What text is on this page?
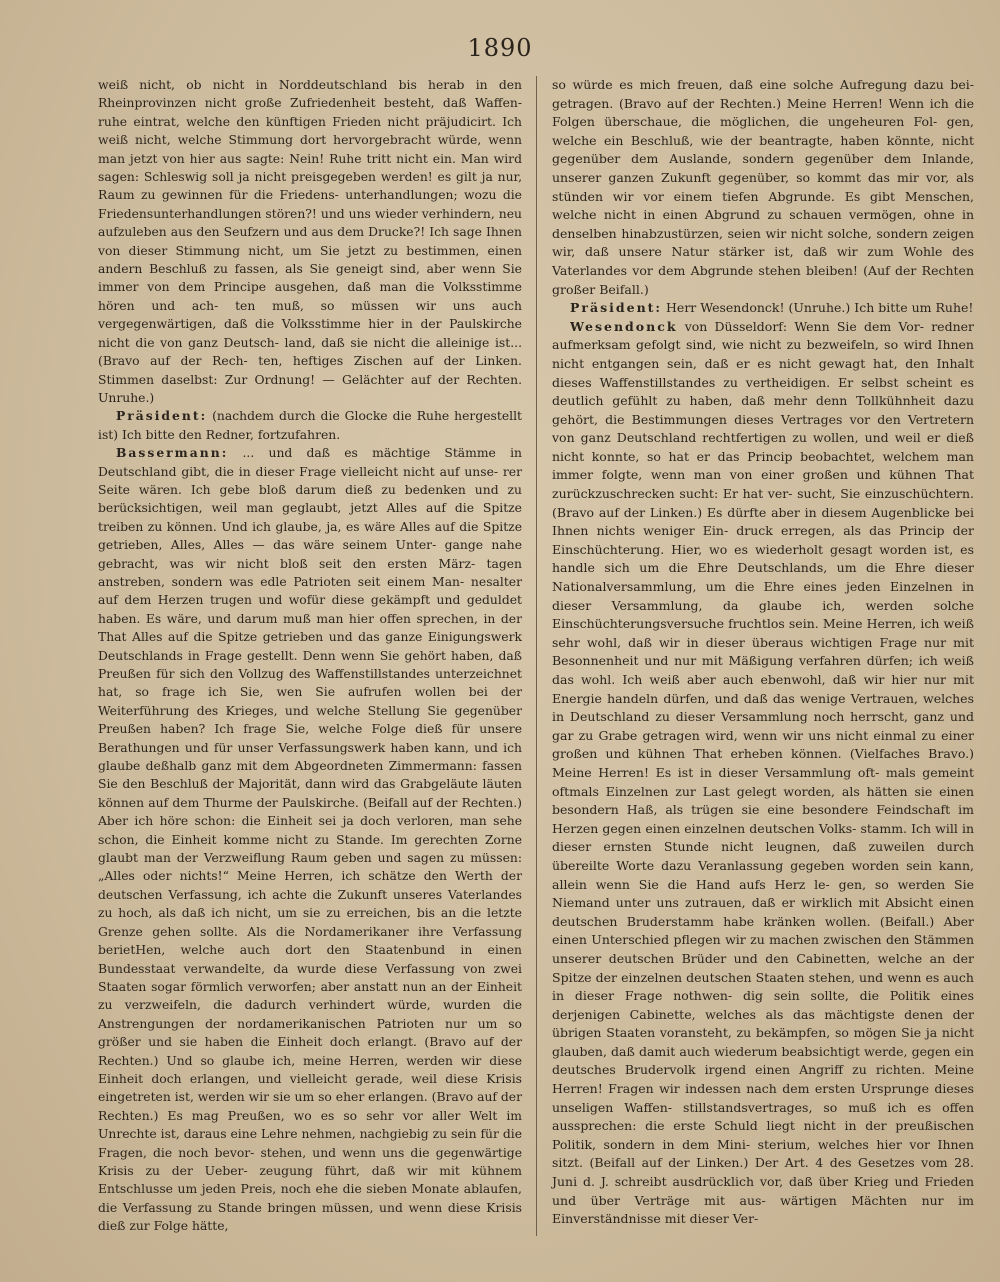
1890

weiß nicht, ob nicht in Norddeutschland bis herab in den Rheinprovinzen nicht große Zufriedenheit besteht, daß Waffen- ruhe eintrat, welche den künftigen Frieden nicht präjudicirt. Ich weiß nicht, welche Stimmung dort hervorgebracht würde, wenn man jetzt von hier aus sagte: Nein! Ruhe tritt nicht ein. Man wird sagen: Schleswig soll ja nicht preisgegeben werden! es gilt ja nur, Raum zu gewinnen für die Friedens- unterhandlungen; wozu die Friedensunterhandlungen stören?! und uns wieder verhindern, neu aufzuleben aus den Seufzern und aus dem Drucke?! Ich sage Ihnen von dieser Stimmung nicht, um Sie jetzt zu bestimmen, einen andern Beschluß zu fassen, als Sie geneigt sind, aber wenn Sie immer von dem Principe ausgehen, daß man die Volksstimme hören und ach- ten muß, so müssen wir uns auch vergegenwärtigen, daß die Volksstimme hier in der Paulskirche nicht die von ganz Deutsch- land, daß sie nicht die alleinige ist... (Bravo auf der Rech- ten, heftiges Zischen auf der Linken. Stimmen daselbst: Zur Ordnung! — Gelächter auf der Rechten. Unruhe.)

Präsident: (nachdem durch die Glocke die Ruhe hergestellt ist) Ich bitte den Redner, fortzufahren.

Bassermann: ... und daß es mächtige Stämme in Deutschland gibt, die in dieser Frage vielleicht nicht auf unse- rer Seite wären. Ich gebe bloß darum dieß zu bedenken und zu berücksichtigen, weil man geglaubt, jetzt Alles auf die Spitze treiben zu können. Und ich glaube, ja, es wäre Alles auf die Spitze getrieben, Alles, Alles — das wäre seinem Unter- gange nahe gebracht, was wir nicht bloß seit den ersten März- tagen anstreben, sondern was edle Patrioten seit einem Man- nesalter auf dem Herzen trugen und wofür diese gekämpft und geduldet haben. Es wäre, und darum muß man hier offen sprechen, in der That Alles auf die Spitze getrieben und das ganze Einigungswerk Deutschlands in Frage gestellt. Denn wenn Sie gehört haben, daß Preußen für sich den Vollzug des Waffenstillstandes unterzeichnet hat, so frage ich Sie, wen Sie aufrufen wollen bei der Weiterführung des Krieges, und welche Stellung Sie gegenüber Preußen haben? Ich frage Sie, welche Folge dieß für unsere Berathungen und für unser Verfassungswerk haben kann, und ich glaube deßhalb ganz mit dem Abgeordneten Zimmermann: fassen Sie den Beschluß der Majorität, dann wird das Grabgeläute läuten können auf dem Thurme der Paulskirche. (Beifall auf der Rechten.) Aber ich höre schon: die Einheit sei ja doch verloren, man sehe schon, die Einheit komme nicht zu Stande. Im gerechten Zorne glaubt man der Verzweiflung Raum geben und sagen zu müssen: „Alles oder nichts!“ Meine Herren, ich schätze den Werth der deutschen Verfassung, ich achte die Zukunft unseres Vaterlandes zu hoch, als daß ich nicht, um sie zu erreichen, bis an die letzte Grenze gehen sollte. Als die Nordamerikaner ihre Verfassung berietHen, welche auch dort den Staatenbund in einen Bundesstaat verwandelte, da wurde diese Verfassung von zwei Staaten sogar förmlich verworfen; aber anstatt nun an der Einheit zu verzweifeln, die dadurch verhindert würde, wurden die Anstrengungen der nordamerikanischen Patrioten nur um so größer und sie haben die Einheit doch erlangt. (Bravo auf der Rechten.) Und so glaube ich, meine Herren, werden wir diese Einheit doch erlangen, und vielleicht gerade, weil diese Krisis eingetreten ist, werden wir sie um so eher erlangen. (Bravo auf der Rechten.) Es mag Preußen, wo es so sehr vor aller Welt im Unrechte ist, daraus eine Lehre nehmen, nachgiebig zu sein für die Fragen, die noch bevor- stehen, und wenn uns die gegenwärtige Krisis zu der Ueber- zeugung führt, daß wir mit kühnem Entschlusse um jeden Preis, noch ehe die sieben Monate ablaufen, die Verfassung zu Stande bringen müssen, und wenn diese Krisis dieß zur Folge hätte,

so würde es mich freuen, daß eine solche Aufregung dazu bei- getragen. (Bravo auf der Rechten.) Meine Herren! Wenn ich die Folgen überschaue, die möglichen, die ungeheuren Fol- gen, welche ein Beschluß, wie der beantragte, haben könnte, nicht gegenüber dem Auslande, sondern gegenüber dem Inlande, unserer ganzen Zukunft gegenüber, so kommt das mir vor, als stünden wir vor einem tiefen Abgrunde. Es gibt Menschen, welche nicht in einen Abgrund zu schauen vermögen, ohne in denselben hinabzustürzen, seien wir nicht solche, sondern zeigen wir, daß unsere Natur stärker ist, daß wir zum Wohle des Vaterlandes vor dem Abgrunde stehen bleiben! (Auf der Rechten großer Beifall.)

Präsident: Herr Wesendonck! (Unruhe.) Ich bitte um Ruhe!

Wesendonck von Düsseldorf: Wenn Sie dem Vor- redner aufmerksam gefolgt sind, wie nicht zu bezweifeln, so wird Ihnen nicht entgangen sein, daß er es nicht gewagt hat, den Inhalt dieses Waffenstillstandes zu vertheidigen. Er selbst scheint es deutlich gefühlt zu haben, daß mehr denn Tollkühnheit dazu gehört, die Bestimmungen dieses Vertrages vor den Vertretern von ganz Deutschland rechtfertigen zu wollen, und weil er dieß nicht konnte, so hat er das Princip beobachtet, welchem man immer folgte, wenn man von einer großen und kühnen That zurückzuschrecken sucht: Er hat ver- sucht, Sie einzuschüchtern. (Bravo auf der Linken.) Es dürfte aber in diesem Augenblicke bei Ihnen nichts weniger Ein- druck erregen, als das Princip der Einschüchterung. Hier, wo es wiederholt gesagt worden ist, es handle sich um die Ehre Deutschlands, um die Ehre dieser Nationalversammlung, um die Ehre eines jeden Einzelnen in dieser Versammlung, da glaube ich, werden solche Einschüchterungsversuche fruchtlos sein. Meine Herren, ich weiß sehr wohl, daß wir in dieser überaus wichtigen Frage nur mit Besonnenheit und nur mit Mäßigung verfahren dürfen; ich weiß das wohl. Ich weiß aber auch ebenwohl, daß wir hier nur mit Energie handeln dürfen, und daß das wenige Vertrauen, welches in Deutschland zu dieser Versammlung noch herrscht, ganz und gar zu Grabe getragen wird, wenn wir uns nicht einmal zu einer großen und kühnen That erheben können. (Vielfaches Bravo.) Meine Herren! Es ist in dieser Versammlung oft- mals gemeint oftmals Einzelnen zur Last gelegt worden, als hätten sie einen besondern Haß, als trügen sie eine besondere Feindschaft im Herzen gegen einen einzelnen deutschen Volks- stamm. Ich will in dieser ernsten Stunde nicht leugnen, daß zuweilen durch übereilte Worte dazu Veranlassung gegeben worden sein kann, allein wenn Sie die Hand aufs Herz le- gen, so werden Sie Niemand unter uns zutrauen, daß er wirklich mit Absicht einen deutschen Bruderstamm habe kränken wollen. (Beifall.) Aber einen Unterschied pflegen wir zu machen zwischen den Stämmen unserer deutschen Brüder und den Cabinetten, welche an der Spitze der einzelnen deutschen Staaten stehen, und wenn es auch in dieser Frage nothwen- dig sein sollte, die Politik eines derjenigen Cabinette, welches als das mächtigste denen der übrigen Staaten voransteht, zu bekämpfen, so mögen Sie ja nicht glauben, daß damit auch wiederum beabsichtigt werde, gegen ein deutsches Brudervolk irgend einen Angriff zu richten. Meine Herren! Fragen wir indessen nach dem ersten Ursprunge dieses unseligen Waffen- stillstandsvertrages, so muß ich es offen aussprechen: die erste Schuld liegt nicht in der preußischen Politik, sondern in dem Mini- sterium, welches hier vor Ihnen sitzt. (Beifall auf der Linken.) Der Art. 4 des Gesetzes vom 28. Juni d. J. schreibt ausdrücklich vor, daß über Krieg und Frieden und über Verträge mit aus- wärtigen Mächten nur im Einverständnisse mit dieser Ver-
